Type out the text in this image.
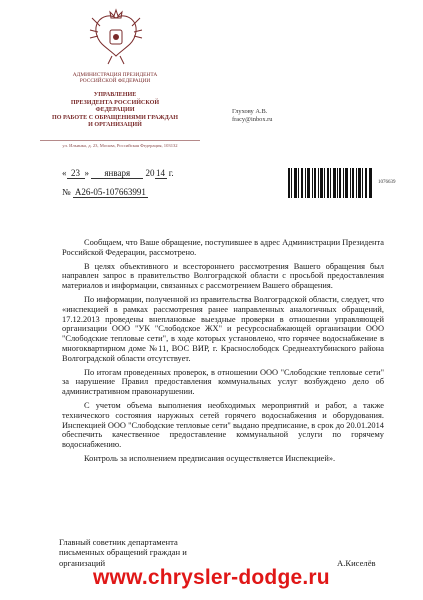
АДМИНИСТРАЦИЯ ПРЕЗИДЕНТА
РОССИЙСКОЙ ФЕДЕРАЦИИ
УПРАВЛЕНИЕ
ПРЕЗИДЕНТА РОССИЙСКОЙ ФЕДЕРАЦИИ
ПО РАБОТЕ С ОБРАЩЕНИЯМИ ГРАЖДАН
И ОРГАНИЗАЦИЙ
ул. Ильинка, д. 23, Москва, Российская Федерация, 103132
Глухову А.В.
fracy@inbox.ru
1076639
« 23 » января 20 14 г.
№ А26-05-107663991

Сообщаем, что Ваше обращение, поступившее в адрес Администрации Президента Российской Федерации, рассмотрено.

В целях объективного и всестороннего рассмотрения Вашего обращения был направлен запрос в правительство Волгоградской области с просьбой предоставления материалов и информации, связанных с рассмотрением Вашего обращения.

По информации, полученной из правительства Волгоградской области, следует, что «инспекцией в рамках рассмотрения ранее направленных аналогичных обращений, 17.12.2013 проведены внеплановые выездные проверки в отношении управляющей организации ООО "УК "Слободское ЖХ" и ресурсоснабжающей организации ООО "Слободские тепловые сети", в ходе которых установлено, что горячее водоснабжение в многоквартирном доме №11, ВОС ВИР, г. Краснослободск Среднеахтубинского района Волгоградской области отсутствует.

По итогам проведенных проверок, в отношении ООО "Слободские тепловые сети" за нарушение Правил предоставления коммунальных услуг возбуждено дело об административном правонарушении.

С учетом объема выполнения необходимых мероприятий и работ, а также технического состояния наружных сетей горячего водоснабжения и оборудования. Инспекцией ООО "Слободские тепловые сети" выдано предписание, в срок до 20.01.2014 обеспечить качественное предоставление коммунальной услуги по горячему водоснабжению.

Контроль за исполнением предписания осуществляется Инспекцией».

Главный советник департамента
письменных обращений граждан и
организаций	А.Киселёв
www.chrysler-dodge.ru
